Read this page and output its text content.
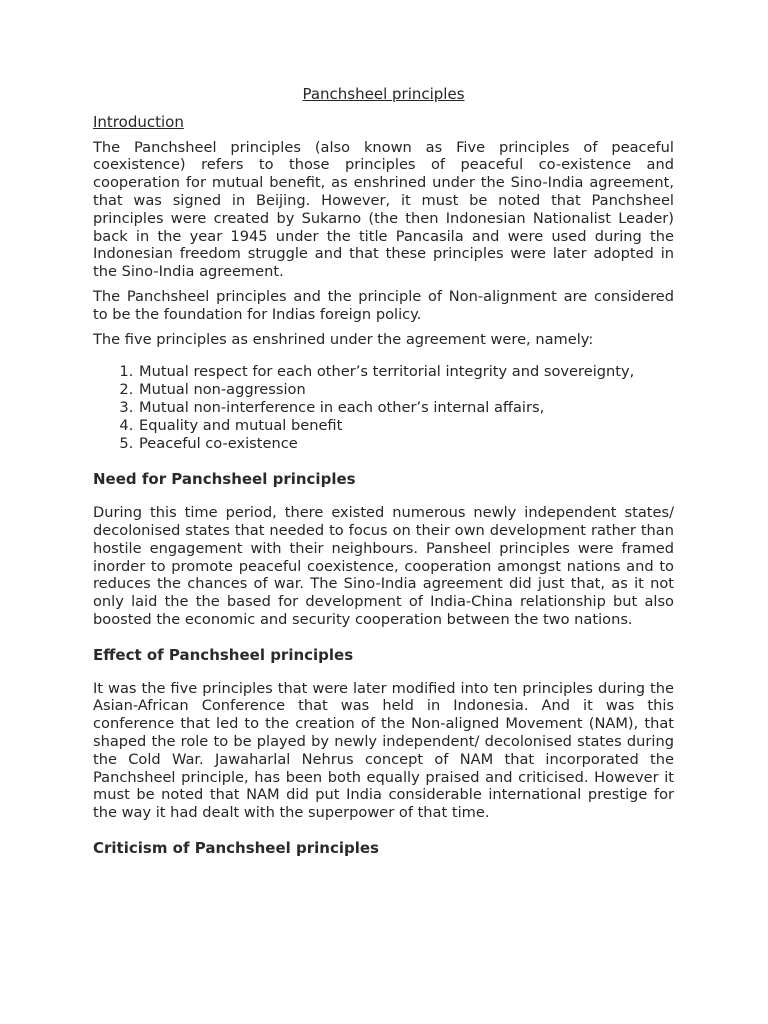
Panchsheel principles
Introduction

The Panchsheel principles (also known as Five principles of peaceful coexistence) refers to those principles of peaceful co-existence and cooperation for mutual benefit, as enshrined under the Sino-India agreement, that was signed in Beijing. However, it must be noted that Panchsheel principles were created by Sukarno (the then Indonesian Nationalist Leader) back in the year 1945 under the title Pancasila and were used during the Indonesian freedom struggle and that these principles were later adopted in the Sino-India agreement.

The Panchsheel principles and the principle of Non-alignment are considered to be the foundation for Indias foreign policy.

The five principles as enshrined under the agreement were, namely:

1. Mutual respect for each other’s territorial integrity and sovereignty,
2. Mutual non-aggression
3. Mutual non-interference in each other’s internal affairs,
4. Equality and mutual benefit
5. Peaceful co-existence
Need for Panchsheel principles

During this time period, there existed numerous newly independent states/ decolonised states that needed to focus on their own development rather than hostile engagement with their neighbours. Pansheel principles were framed inorder to promote peaceful coexistence, cooperation amongst nations and to reduces the chances of war. The Sino-India agreement did just that, as it not only laid the the based for development of India-China relationship but also boosted the economic and security cooperation between the two nations.

Effect of Panchsheel principles

It was the five principles that were later modified into ten principles during the Asian-African Conference that was held in Indonesia. And it was this conference that led to the creation of the Non-aligned Movement (NAM), that shaped the role to be played by newly independent/ decolonised states during the Cold War. Jawaharlal Nehrus concept of NAM that incorporated the Panchsheel principle, has been both equally praised and criticised. However it must be noted that NAM did put India considerable international prestige for the way it had dealt with the superpower of that time.

Criticism of Panchsheel principles
